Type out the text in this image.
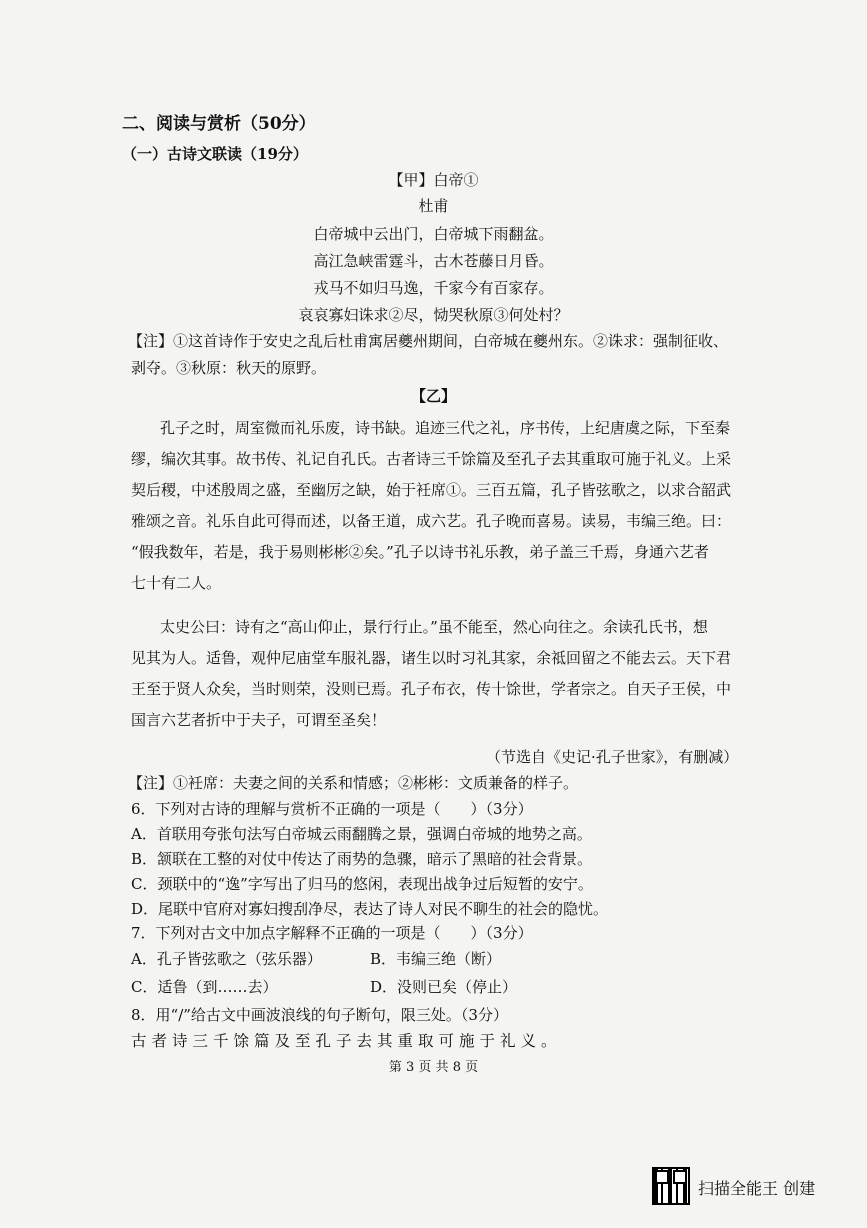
二、阅读与赏析（50分）
（一）古诗文联读（19分）
【甲】白帝①
杜甫
白帝城中云出门，白帝城下雨翻盆。
高江急峡雷霆斗，古木苍藤日月昏。
戎马不如归马逸，千家今有百家存。
哀哀寡妇诛求②尽，恸哭秋原③何处村？
【注】①这首诗作于安史之乱后杜甫寓居夔州期间，白帝城在夔州东。②诛求：强制征收、
剥夺。③秋原：秋天的原野。
【乙】
孔子之时，周室微而礼乐废，诗书缺。追迹三代之礼，序书传，上纪唐虞之际，下至秦
缪，编次其事。故书传、礼记自孔氏。古者诗三千馀篇及至孔子去其重取可施于礼义。上采
契后稷，中述殷周之盛，至幽厉之缺，始于衽席①。三百五篇，孔子皆弦歌之，以求合韶武
雅颂之音。礼乐自此可得而述，以备王道，成六艺。孔子晚而喜易。读易，韦编三绝。曰：
“假我数年，若是，我于易则彬彬②矣。”孔子以诗书礼乐教，弟子盖三千焉，身通六艺者
七十有二人。
太史公曰：诗有之“高山仰止，景行行止。”虽不能至，然心向往之。余读孔氏书，想
见其为人。适鲁，观仲尼庙堂车服礼器，诸生以时习礼其家，余祗回留之不能去云。天下君
王至于贤人众矣，当时则荣，没则已焉。孔子布衣，传十馀世，学者宗之。自天子王侯，中
国言六艺者折中于夫子，可谓至圣矣！
（节选自《史记·孔子世家》，有删减）
【注】①衽席：夫妻之间的关系和情感；②彬彬：文质兼备的样子。
6．下列对古诗的理解与赏析不正确的一项是（　　）（3分）
A．首联用夸张句法写白帝城云雨翻腾之景，强调白帝城的地势之高。
B．颔联在工整的对仗中传达了雨势的急骤，暗示了黑暗的社会背景。
C．颈联中的“逸”字写出了归马的悠闲，表现出战争过后短暂的安宁。
D．尾联中官府对寡妇搜刮净尽，表达了诗人对民不聊生的社会的隐忧。
7．下列对古文中加点字解释不正确的一项是（　　）（3分）
A．孔子皆弦歌之（弦乐器）	B．韦编三绝（断）
C．适鲁（到……去）	D．没则已矣（停止）
8．用“/”给古文中画波浪线的句子断句，限三处。（3分）
古者诗三千馀篇及至孔子去其重取可施于礼义。
第 3 页 共 8 页
扫描全能王 创建
